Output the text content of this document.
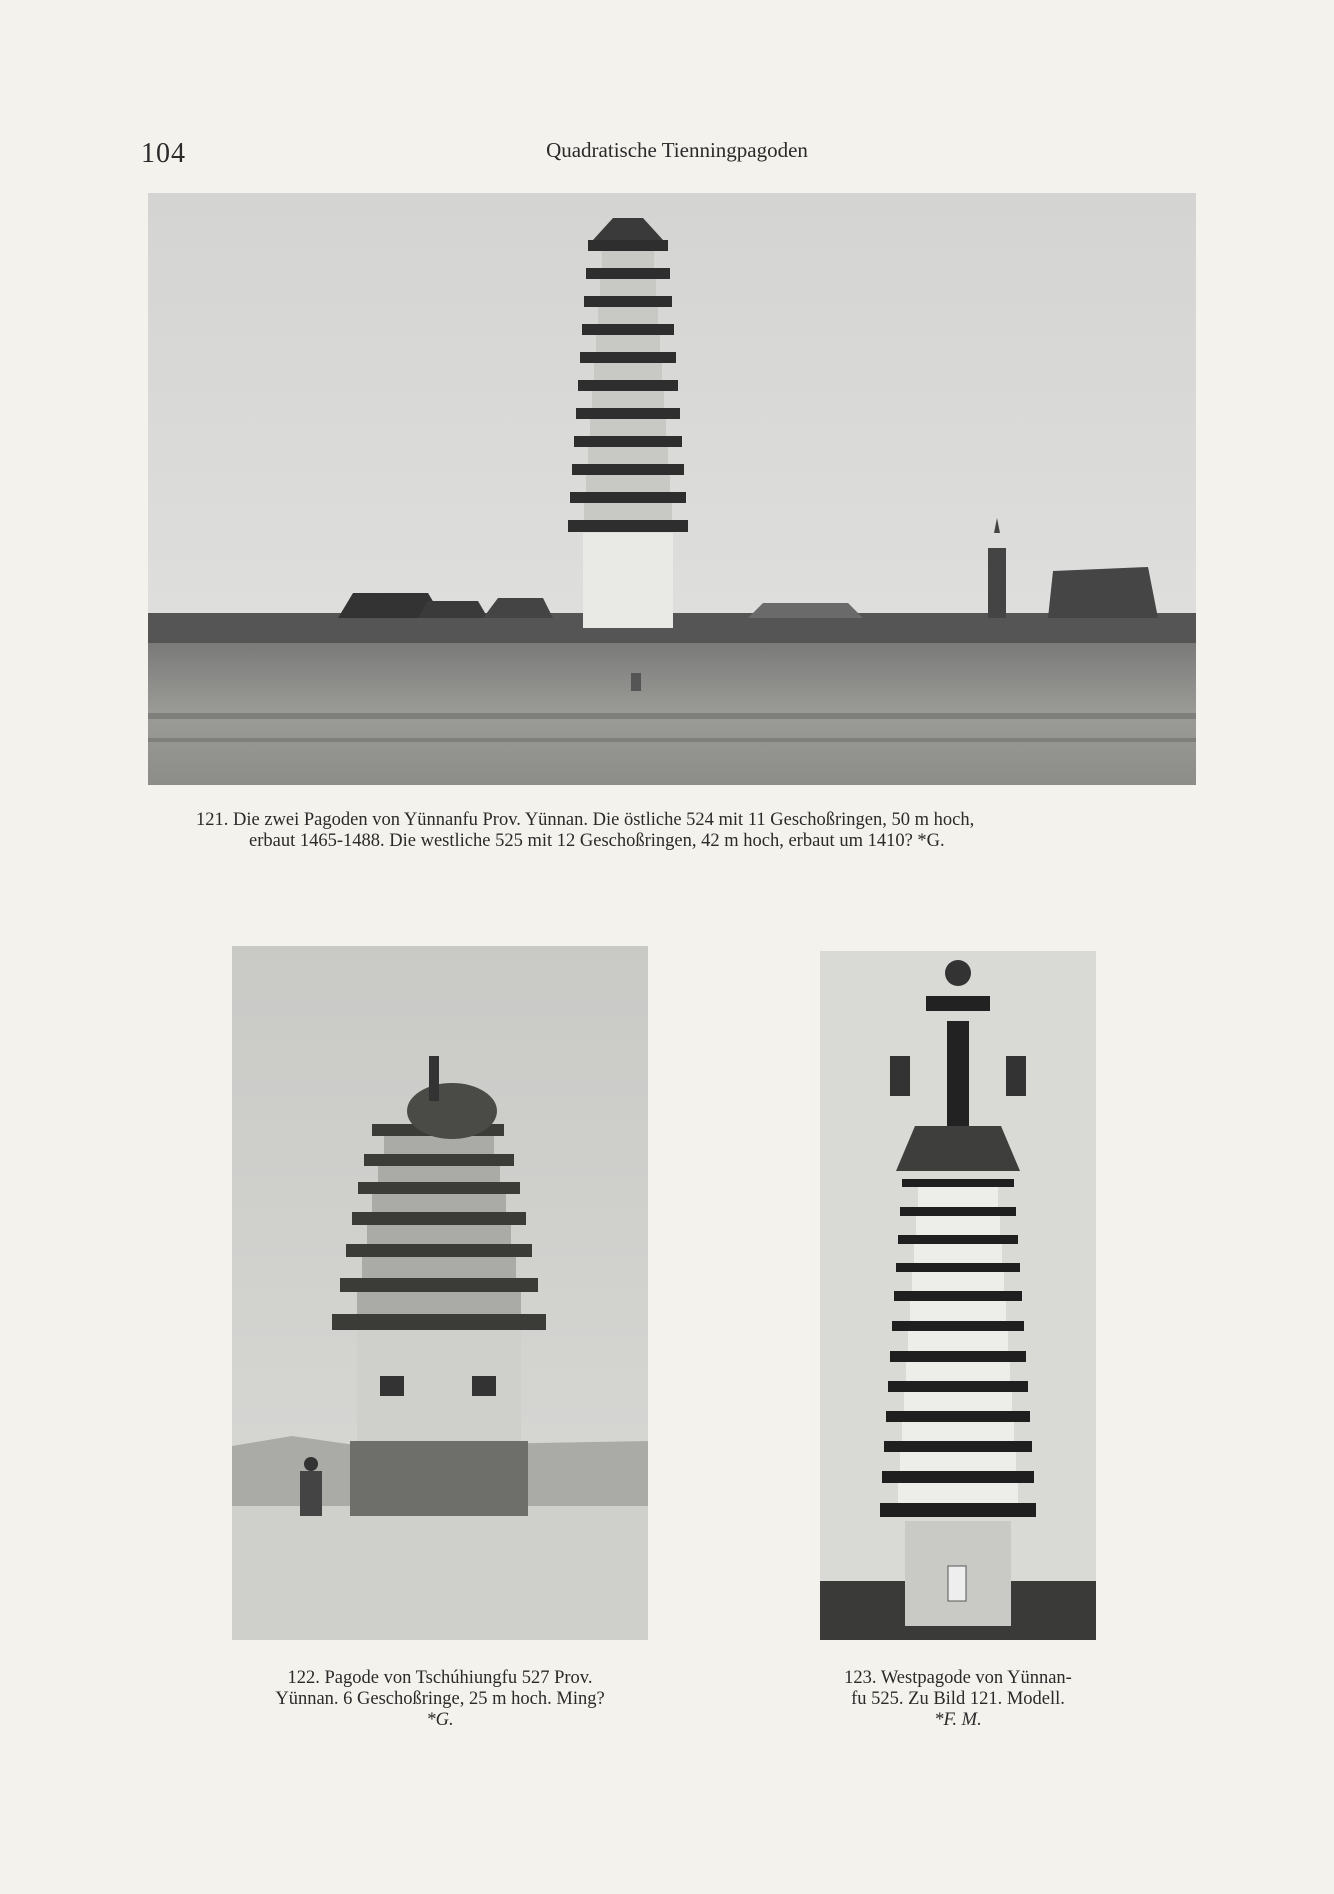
104	Quadratische Tienningpagoden
121. Die zwei Pagoden von Yünnanfu Prov. Yünnan. Die östliche 524 mit 11 Geschoßringen, 50 m hoch,
erbaut 1465-1488. Die westliche 525 mit 12 Geschoßringen, 42 m hoch, erbaut um 1410? *G.
122. Pagode von Tschúhiungfu 527 Prov.
Yünnan. 6 Geschoßringe, 25 m hoch. Ming?
*G.
123. Westpagode von Yünnan-
fu 525. Zu Bild 121. Modell.
*F. M.
